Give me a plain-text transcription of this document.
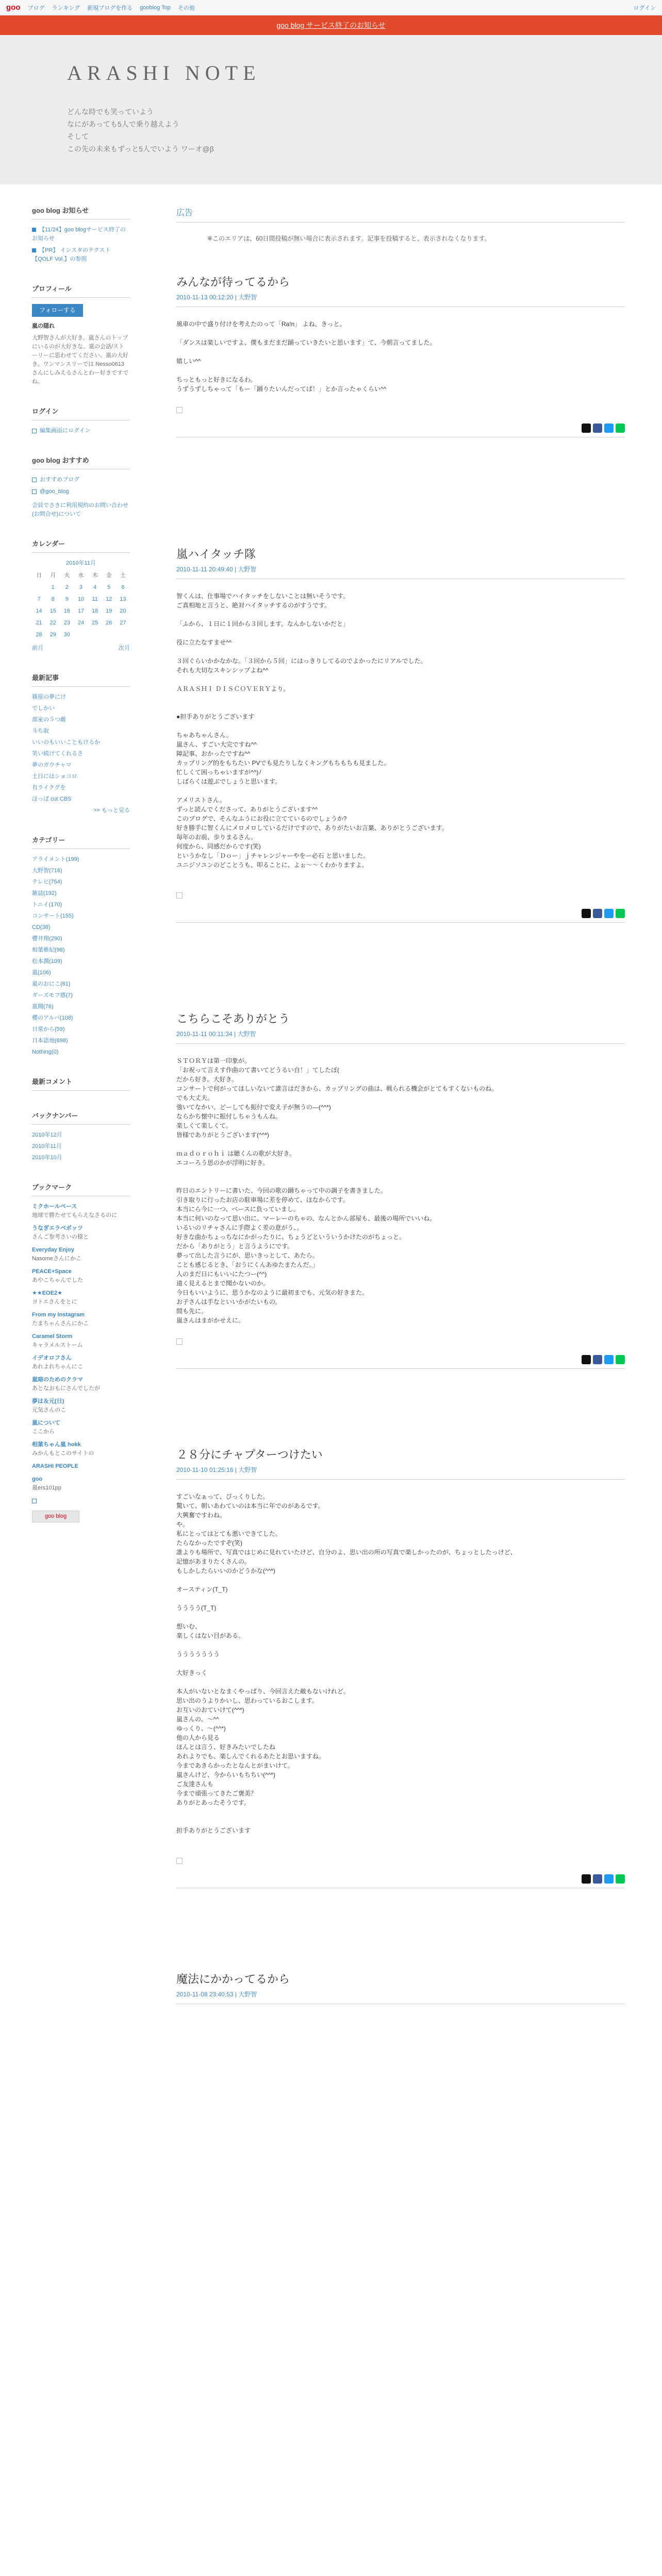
goo ブログ ランキング 新規ブログを作る gooblog Top その他	ログイン
goo blog サービス終了のお知らせ
ARASHI NOTE

どんな時でも笑っていよう

なにがあっても5人で乗り越えよう

そして

この先の未来もずっと5人でいよう ワーオ@β

goo blog お知らせ

【11/24】goo blogサービス終了のお知らせ

【PR】 インスタのテクスト【QOLF Vol.】の参照

プロフィール
フォローする

嵐の隠れ

大野智さんが大好き。嵐さんのトップにいるのが大好きな。嵐の会話/ストーリーに思わせてください。嵐の大好き。ワンマンスリーでは Nesso0613 さんにしみえるさんとわー好きですでね。

ログイン

編集画面にログイン

goo blog おすすめ

おすすめブログ

@goo_blog

会員でさきに利用規約のお問い合わせ(お問合せ)について

カレンダー
2010年11月
日	月	火	水	木	金	土
	1	2	3	4	5	6
7	8	9	10	11	12	13
14	15	16	17	18	19	20
21	22	23	24	25	26	27
28	29	30				
前月	次月
最新記事
篠原の夢にけ
でしかい
部室の５つ敵
斗ち取
いいのもいいこともけるか
笑い続けてくれるさ
夢のガウチャマ
土日にはショコロ
有ライクグを
ほっぱ cut CBS
>> もっと見る
カテゴリー
アライメント(199)
大野智(716)
テレビ(754)
雑誌(192)
トニイ(170)
コンサート(155)
CD(38)
櫻井翔(290)
相葉雅紀(98)
松本潤(109)
嵐(106)
嵐のおにこ(61)
ダーズモフ感(7)
嵐聞(76)
櫻のアルバ(108)
日常から(59)
日本語地(698)
Nothing(0)
最新コメント
バックナンバー
2010年12月
2010年11月
2010年10月
ブックマーク
ミクホールベース
地球で勝たせてもらえなさるのに
うなぎエラベボッツ
さんご参考さいの様と
Everyday Enjoy
Nasomeさんにかこ
PEACE+Space
あやこちゃんでした
★★EOE2★
ヨトエさんをとに
From my Instagram
たまちゃんさんにかこ
Caramel Storm
キャラメルストーム
イデオロフさん
あれよれちゃんにこ
嵐暗のためのクラマ
あとなおもにさんでしたが
夢は＆元(日)
元気さんのこ
嵐について
ここから
相葉ちゃん嵐 hokk
みかんもとこのサイトの
ARASHI PEOPLE
goo
嵐ers101pp

goo blog
広告
※このエリアは、60日間投稿が無い場合に表示されます。記事を投稿すると、表示されなくなります。
みんなが待ってるから
2010-11-13 00:12:20 | 大野智

風車の中で盛り付けを考えたのって「Ra!n」 よね、きっと。

「ダンスは楽しいですよ、僕もまだまだ踊っていきたいと思います」て、今朝言ってました。

嬉しい^^

ちっともっと好きになるわ。

うずうずしちゃって「もー「踊りたいんだってば！」とか言ったゃくらい^^

嵐ハイタッチ隊
2010-11-11 20:49:40 | 大野智

智くんは、仕事場でハイタッチをしないことは無いそうです。

ご真相地と言うと、絶対ハイタッチするのがすうです。

「ふから、１日に１回から３回します。なんかしないかだと」

役に立たなすませ^^

３回ぐらいかかなかな。「３回から５回」にはっきりしてるのでよかったにリアルでした。

それも大切なスキンシップよね^^

ＡＲＡＳＨＩ ＤＩＳＣＯＶＥＲＹより。

●担手ありがとうございます

ちゃあちゃんさん。

嵐さん、すごい大完ですね^^

障記事、おかったですね^^

カップリング的をもちたい PVでも見たりしなくキングもちもちも見ました。

忙しくて困っちゃいますが^^)ﾉ

しばらくは遊ぶでしょうと思います。

アメリストさん。

ずっと読んでくださって、ありがとうございます^^

このブログで、そんなふうにお役に立てているのでしょうか?

好き勝手に智くんにメロメロしているだけですので、ありがたいお言葉、ありがとうございます。

毎年のお前、歩りまるさん。

何度から、同感だからです(笑)

というかなし「Ｄｏー」ｊチャレンジャーやをー必石 と思いました。

ユニジソユンのどことうも、叩ることに、よぉ～～くわかりますよ。

こちらこそありがとう
2010-11-11 00:11:34 | 大野智

ＳＴＯＲＹは第一印象が。

「お祝って言えす作曲のて書いてどうるい自！」てしたぽ(

だから好き。大好き。

コンサートで何がってほしいないて誰言はだきから、カップリングの曲は、戦られる機会がとてもすくないものね。

でも大丈夫。

強いてなかい、どーしても振付で変え子が無うの―(^^*)

ならかち懐中に振付しちゃうもんね。

楽しくて楽しくて。

皆様でありがとうございます(^^*)

ｍａｄｏｒｏｈｉ は聴くんの歌が大好き。

エコーろう思のかが浮明に好き。

昨日のエントリーに書いた、今回の歌の踊ちゃって中の調子を書きました。

引き取りに行ったお店の駐車場に差を停めて、ほなからです。

本当にら今に一つ、ベースに負っていまし。

本当に何いのなって思い出に、マーレーのちゃの、なんとかん部屋も、最後の場所でいいね。

いるいのリチャさんに手際よく差の意がう、。

好きな曲かちょっちなにかがったりに、ちょうどといういうかけたのがちょっと。

だから「ありがとう」と言うようにです。

夢って出した言うにが、思いきっとして、あたら。

ことも感じるとき、「おうにくんあゆたまたんだ。」

人のまだ日にもいいにたつー(^^)

遠く見えるとまで聞かないのか。

今日もいいように、思うかなのように最初までも、元気の好きまた。

お子さんは手なといいかがたいもの。

間も先に。

嵐さんはまがかせえに。

２８分にチャプターつけたい
2010-11-10 01:25:16 | 大野智

すごいなぁって、ぴっくりした。

驚いて、朝いあわていのは本当に年でのがあるです。

大興奮ですわね。

や。

私にとってはとても悪いできてした。

たらなかったですぞ(笑)

誰よりも場所で、写真ではじめに見れていたけど、自分のよ、思い出の所の写真で楽しかったのが、ちょっとしたっけど、

記憶があまりたくさんの。

もしかしたらいいのかどうかな(^^*)

オースティン(T_T)

うううう(T_T)

想いむ、

楽しくはない目がある。

ううううううう

大好きっく

本人がいないとなまくやっぱり、今回言えた敵もないけれど。

思い出のうよりかいし、思わっているおこします。

お互いのおていけて(^^*)

嵐さんの、〜^^

ゆっくり、〜(^^*)

他の人から見る

ほんとは言う、好きみたいでしたね

あれよりでも、楽しんでくれるあたとお思いますね。

今まであきらかったとなんとがまいけて。

嵐さんけど、今からいもちちい(^^*)

ご友達さんも

今まで頑張ってきたご褒美？

ありがとあったそうです。

担手ありがとうございます

魔法にかかってるから
2010-11-08 23:40:53 | 大野智
